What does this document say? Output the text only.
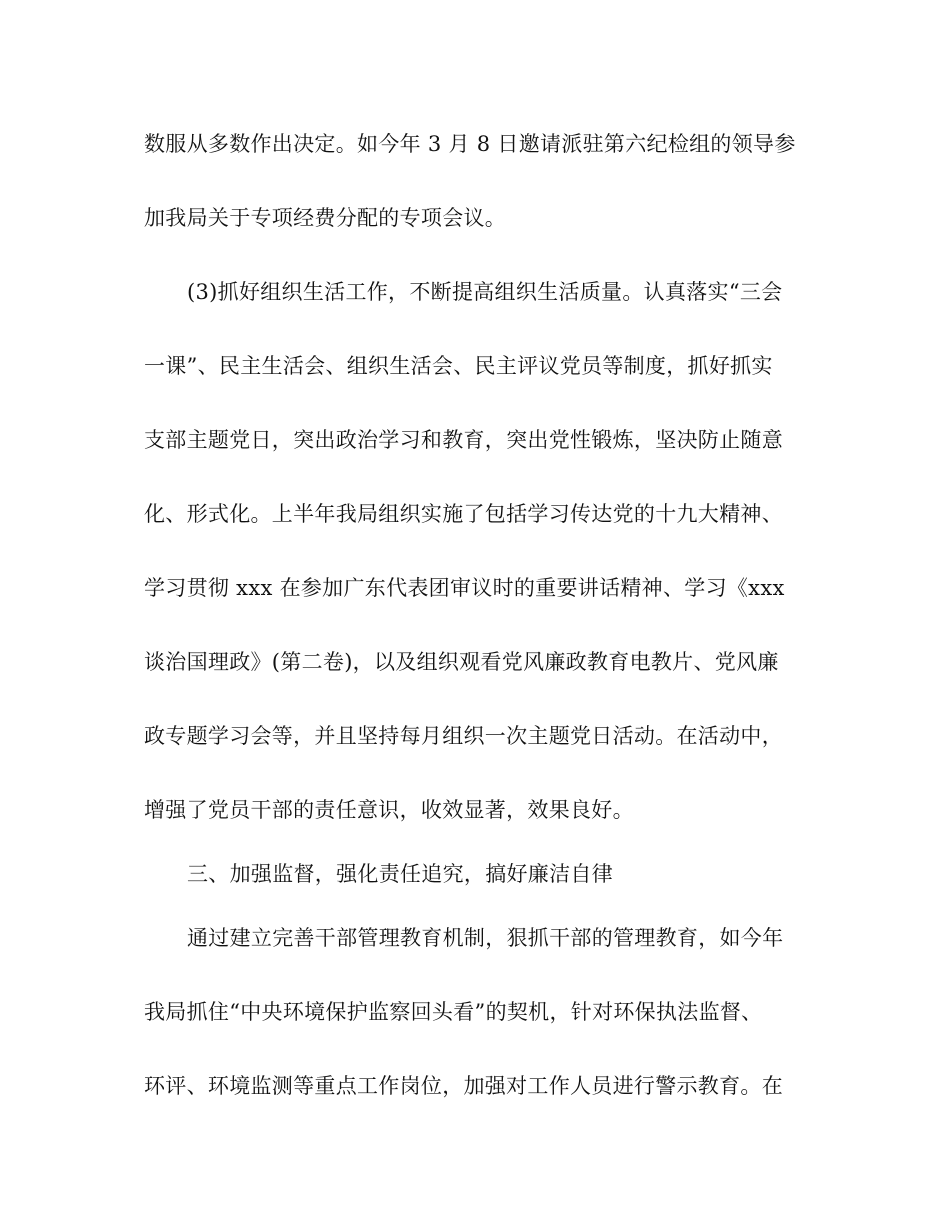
数服从多数作出决定。如今年 3 月 8 日邀请派驻第六纪检组的领导参
加我局关于专项经费分配的专项会议。
(3)抓好组织生活工作，不断提高组织生活质量。认真落实“三会
一课”、民主生活会、组织生活会、民主评议党员等制度，抓好抓实
支部主题党日，突出政治学习和教育，突出党性锻炼，坚决防止随意
化、形式化。上半年我局组织实施了包括学习传达党的十九大精神、
学习贯彻 xxx 在参加广东代表团审议时的重要讲话精神、学习《xxx
谈治国理政》(第二卷)，以及组织观看党风廉政教育电教片、党风廉
政专题学习会等，并且坚持每月组织一次主题党日活动。在活动中，
增强了党员干部的责任意识，收效显著，效果良好。
三、加强监督，强化责任追究，搞好廉洁自律
通过建立完善干部管理教育机制，狠抓干部的管理教育，如今年
我局抓住“中央环境保护监察回头看”的契机，针对环保执法监督、
环评、环境监测等重点工作岗位，加强对工作人员进行警示教育。在
